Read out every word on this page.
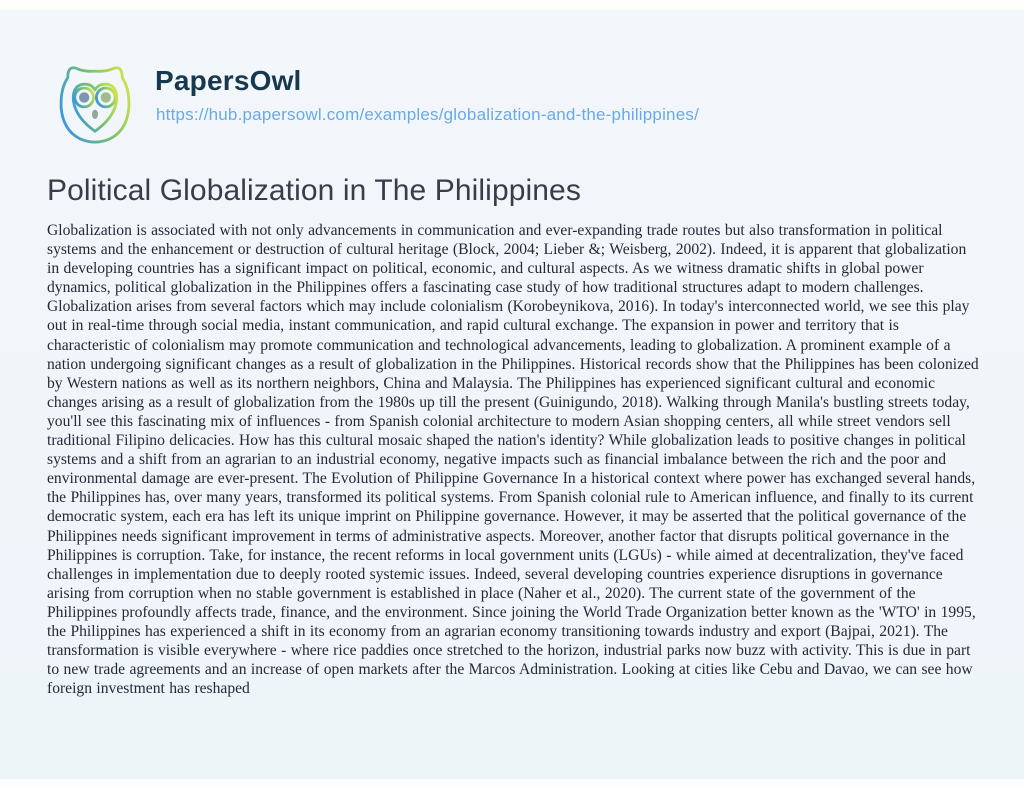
PapersOwl
https://hub.papersowl.com/examples/globalization-and-the-philippines/
Political Globalization in The Philippines

Globalization is associated with not only advancements in communication and ever-expanding trade routes but also transformation in political systems and the enhancement or destruction of cultural heritage (Block, 2004; Lieber &; Weisberg, 2002). Indeed, it is apparent that globalization in developing countries has a significant impact on political, economic, and cultural aspects. As we witness dramatic shifts in global power dynamics, political globalization in the Philippines offers a fascinating case study of how traditional structures adapt to modern challenges. Globalization arises from several factors which may include colonialism (Korobeynikova, 2016). In today's interconnected world, we see this play out in real-time through social media, instant communication, and rapid cultural exchange. The expansion in power and territory that is characteristic of colonialism may promote communication and technological advancements, leading to globalization. A prominent example of a nation undergoing significant changes as a result of globalization in the Philippines. Historical records show that the Philippines has been colonized by Western nations as well as its northern neighbors, China and Malaysia. The Philippines has experienced significant cultural and economic changes arising as a result of globalization from the 1980s up till the present (Guinigundo, 2018). Walking through Manila's bustling streets today, you'll see this fascinating mix of influences - from Spanish colonial architecture to modern Asian shopping centers, all while street vendors sell traditional Filipino delicacies. How has this cultural mosaic shaped the nation's identity? While globalization leads to positive changes in political systems and a shift from an agrarian to an industrial economy, negative impacts such as financial imbalance between the rich and the poor and environmental damage are ever-present. The Evolution of Philippine Governance In a historical context where power has exchanged several hands, the Philippines has, over many years, transformed its political systems. From Spanish colonial rule to American influence, and finally to its current democratic system, each era has left its unique imprint on Philippine governance. However, it may be asserted that the political governance of the Philippines needs significant improvement in terms of administrative aspects. Moreover, another factor that disrupts political governance in the Philippines is corruption. Take, for instance, the recent reforms in local government units (LGUs) - while aimed at decentralization, they've faced challenges in implementation due to deeply rooted systemic issues. Indeed, several developing countries experience disruptions in governance arising from corruption when no stable government is established in place (Naher et al., 2020). The current state of the government of the Philippines profoundly affects trade, finance, and the environment. Since joining the World Trade Organization better known as the 'WTO' in 1995, the Philippines has experienced a shift in its economy from an agrarian economy transitioning towards industry and export (Bajpai, 2021). The transformation is visible everywhere - where rice paddies once stretched to the horizon, industrial parks now buzz with activity. This is due in part to new trade agreements and an increase of open markets after the Marcos Administration. Looking at cities like Cebu and Davao, we can see how foreign investment has reshaped
